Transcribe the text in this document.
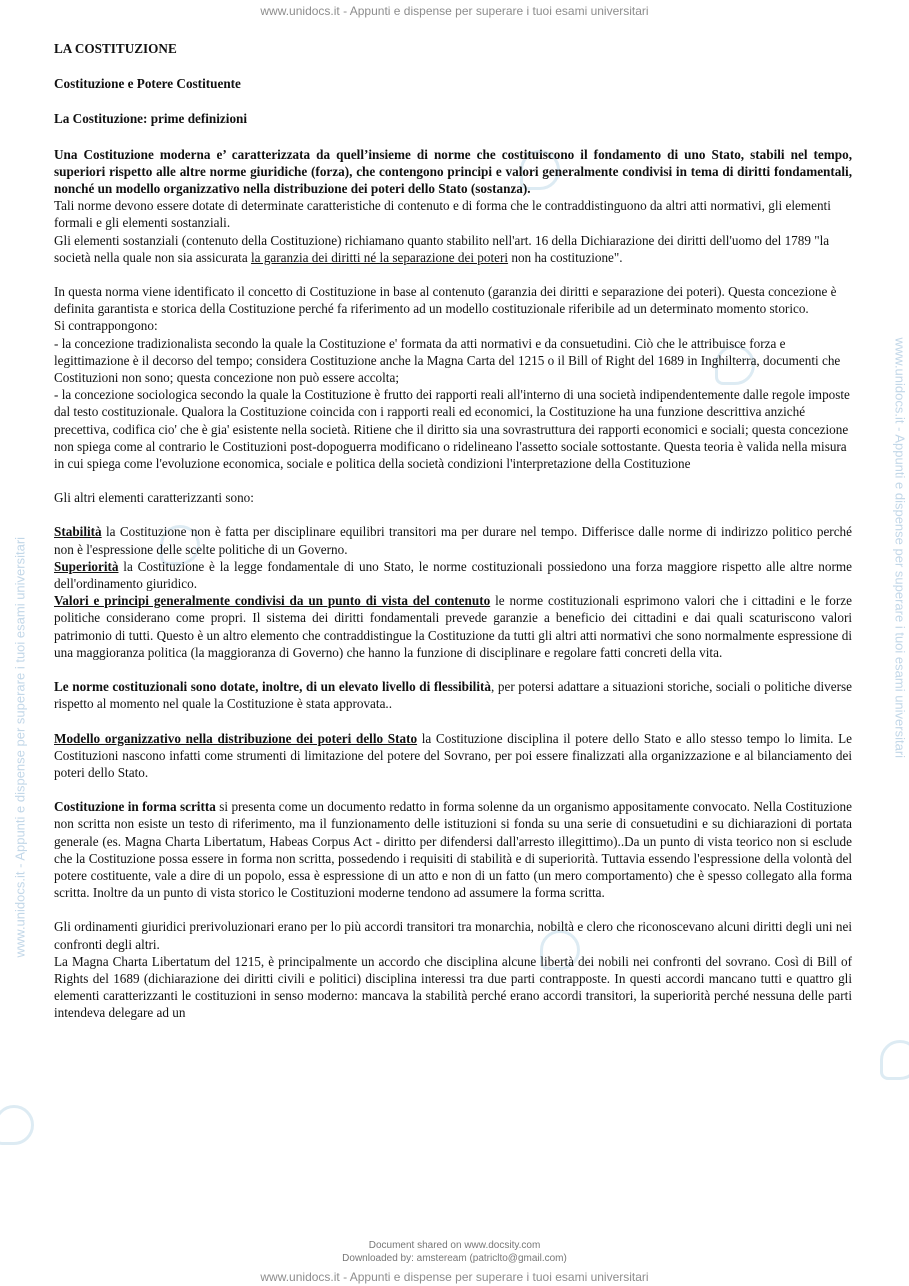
www.unidocs.it - Appunti e dispense per superare i tuoi esami universitari
www.unidocs.it - Appunti e dispense per superare i tuoi esami universitari	www.unidocs.it - Appunti e dispense per superare i tuoi esami universitari

LA COSTITUZIONE

Costituzione e Potere Costituente

La Costituzione: prime definizioni

Una Costituzione moderna e’ caratterizzata da quell’insieme di norme che costituiscono il fondamento di uno Stato, stabili nel tempo, superiori rispetto alle altre norme giuridiche (forza), che contengono principi e valori generalmente condivisi in tema di diritti fondamentali, nonché un modello organizzativo nella distribuzione dei poteri dello Stato (sostanza).

Tali norme devono essere dotate di determinate caratteristiche di contenuto e di forma che le contraddistinguono da altri atti normativi, gli elementi formali e gli elementi sostanziali.

Gli elementi sostanziali (contenuto della Costituzione) richiamano quanto stabilito nell'art. 16 della Dichiarazione dei diritti dell'uomo del 1789 "la società nella quale non sia assicurata la garanzia dei diritti né la separazione dei poteri non ha costituzione".

In questa norma viene identificato il concetto di Costituzione in base al contenuto (garanzia dei diritti e separazione dei poteri). Questa concezione è definita garantista e storica della Costituzione perché fa riferimento ad un modello costituzionale riferibile ad un determinato momento storico.

Si contrappongono:

- la concezione tradizionalista secondo la quale la Costituzione e' formata da atti normativi e da consuetudini. Ciò che le attribuisce forza e legittimazione è il decorso del tempo; considera Costituzione anche la Magna Carta del 1215 o il Bill of Right del 1689 in Inghilterra, documenti che Costituzioni non sono; questa concezione non può essere accolta;

- la concezione sociologica secondo la quale la Costituzione è frutto dei rapporti reali all'interno di una società indipendentemente dalle regole imposte dal testo costituzionale. Qualora la Costituzione coincida con i rapporti reali ed economici, la Costituzione ha una funzione descrittiva anziché precettiva, codifica cio' che è gia' esistente nella società. Ritiene che il diritto sia una sovrastruttura dei rapporti economici e sociali; questa concezione non spiega come al contrario le Costituzioni post-dopoguerra modificano o ridelineano l'assetto sociale sottostante. Questa teoria è valida nella misura in cui spiega come l'evoluzione economica, sociale e politica della società condizioni l'interpretazione della Costituzione

Gli altri elementi caratterizzanti sono:

Stabilità la Costituzione non è fatta per disciplinare equilibri transitori ma per durare nel tempo. Differisce dalle norme di indirizzo politico perché non è l'espressione delle scelte politiche di un Governo.

Superiorità la Costituzione è la legge fondamentale di uno Stato, le norme costituzionali possiedono una forza maggiore rispetto alle altre norme dell'ordinamento giuridico.

Valori e principi generalmente condivisi da un punto di vista del contenuto le norme costituzionali esprimono valori che i cittadini e le forze politiche considerano come propri. Il sistema dei diritti fondamentali prevede garanzie a beneficio dei cittadini e dai quali scaturiscono valori patrimonio di tutti. Questo è un altro elemento che contraddistingue la Costituzione da tutti gli altri atti normativi che sono normalmente espressione di una maggioranza politica (la maggioranza di Governo) che hanno la funzione di disciplinare e regolare fatti concreti della vita.

Le norme costituzionali sono dotate, inoltre, di un elevato livello di flessibilità, per potersi adattare a situazioni storiche, sociali o politiche diverse rispetto al momento nel quale la Costituzione è stata approvata..

Modello organizzativo nella distribuzione dei poteri dello Stato la Costituzione disciplina il potere dello Stato e allo stesso tempo lo limita. Le Costituzioni nascono infatti come strumenti di limitazione del potere del Sovrano, per poi essere finalizzati alla organizzazione e al bilanciamento dei poteri dello Stato.

Costituzione in forma scritta si presenta come un documento redatto in forma solenne da un organismo appositamente convocato. Nella Costituzione non scritta non esiste un testo di riferimento, ma il funzionamento delle istituzioni si fonda su una serie di consuetudini e su dichiarazioni di portata generale (es. Magna Charta Libertatum, Habeas Corpus Act - diritto per difendersi dall'arresto illegittimo)..Da un punto di vista teorico non si esclude che la Costituzione possa essere in forma non scritta, possedendo i requisiti di stabilità e di superiorità. Tuttavia essendo l'espressione della volontà del potere costituente, vale a dire di un popolo, essa è espressione di un atto e non di un fatto (un mero comportamento) che è spesso collegato alla forma scritta. Inoltre da un punto di vista storico le Costituzioni moderne tendono ad assumere la forma scritta.

Gli ordinamenti giuridici prerivoluzionari erano per lo più accordi transitori tra monarchia, nobiltà e clero che riconoscevano alcuni diritti degli uni nei confronti degli altri.

La Magna Charta Libertatum del 1215, è principalmente un accordo che disciplina alcune libertà dei nobili nei confronti del sovrano. Così di Bill of Rights del 1689 (dichiarazione dei diritti civili e politici) disciplina interessi tra due parti contrapposte. In questi accordi mancano tutti e quattro gli elementi caratterizzanti le costituzioni in senso moderno: mancava la stabilità perché erano accordi transitori, la superiorità perché nessuna delle parti intendeva delegare ad un

Document shared on www.docsity.com
Downloaded by: amsteream (patriclto@gmail.com)
www.unidocs.it - Appunti e dispense per superare i tuoi esami universitari
